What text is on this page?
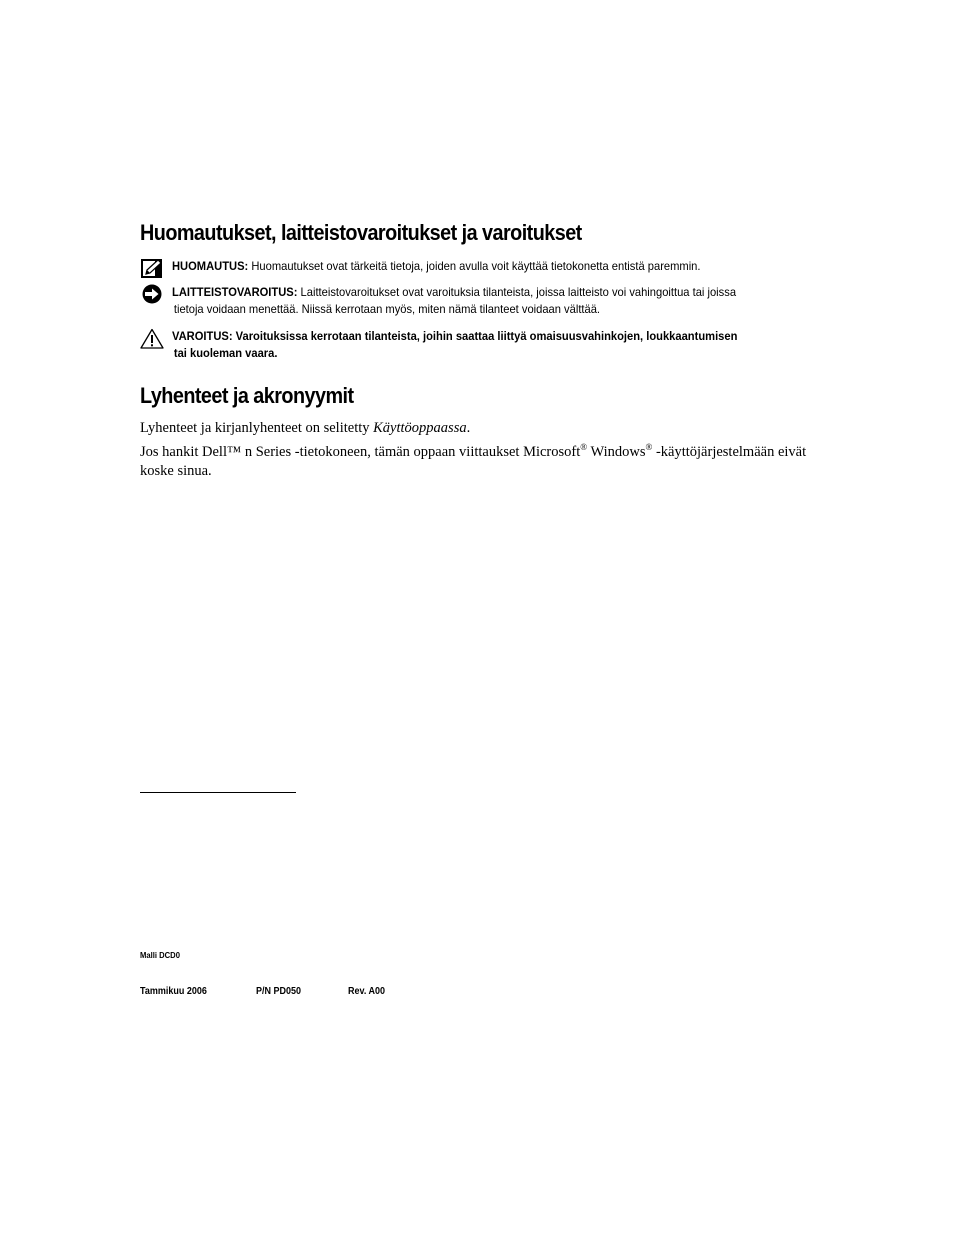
Huomautukset, laitteistovaroitukset ja varoitukset
HUOMAUTUS: Huomautukset ovat tärkeitä tietoja, joiden avulla voit käyttää tietokonetta entistä paremmin.
LAITTEISTOVAROITUS: Laitteistovaroitukset ovat varoituksia tilanteista, joissa laitteisto voi vahingoittua tai joissa
tietoja voidaan menettää. Niissä kerrotaan myös, miten nämä tilanteet voidaan välttää.
VAROITUS: Varoituksissa kerrotaan tilanteista, joihin saattaa liittyä omaisuusvahinkojen, loukkaantumisen
tai kuoleman vaara.
Lyhenteet ja akronyymit
Lyhenteet ja kirjanlyhenteet on selitetty Käyttöoppaassa.
Jos hankit Dell™ n Series -tietokoneen, tämän oppaan viittaukset Microsoft® Windows® -käyttöjärjestelmään eivät koske sinua.
Malli DCD0
Tammikuu 2006	P/N PD050	Rev. A00
